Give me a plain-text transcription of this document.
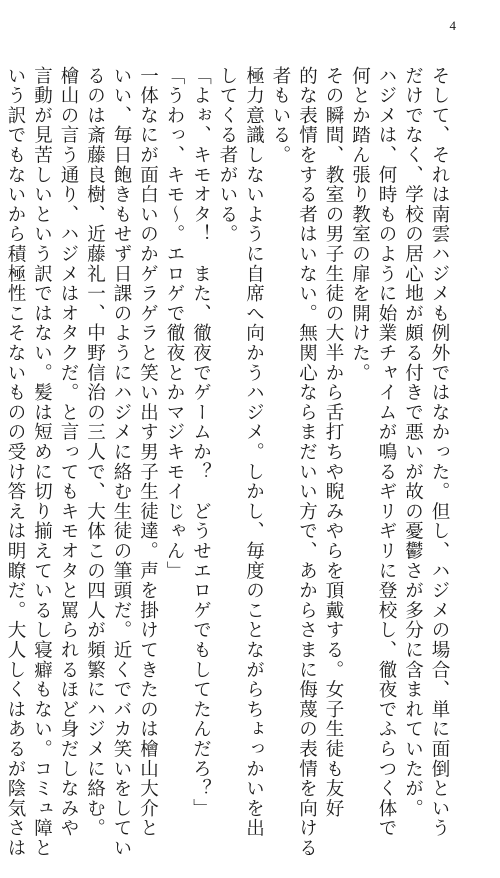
4

そして、それは南雲ハジメも例外ではなかった。但し、ハジメの場合、単に面倒という

だけでなく、学校の居心地が頗る付きで悪いが故の憂鬱さが多分に含まれていたが。

ハジメは、何時ものように始業チャイムが鳴るギリギリに登校し、徹夜でふらつく体で

何とか踏ん張り教室の扉を開けた。

その瞬間、教室の男子生徒の大半から舌打ちや睨みやらを頂戴する。女子生徒も友好

的な表情をする者はいない。無関心ならまだいい方で、あからさまに侮蔑の表情を向ける

者もいる。

極力意識しないように自席へ向かうハジメ。しかし、毎度のことながらちょっかいを出

してくる者がいる。

「よぉ、キモオタ！　また、徹夜でゲームか？　どうせエロゲでもしてたんだろ？」

「うわっ、キモ～。エロゲで徹夜とかマジキモイじゃん」

一体なにが面白いのかゲラゲラと笑い出す男子生徒達。声を掛けてきたのは檜山大介と

いい、毎日飽きもせず日課のようにハジメに絡む生徒の筆頭だ。近くでバカ笑いをしてい

るのは斎藤良樹、近藤礼一、中野信治の三人で、大体この四人が頻繁にハジメに絡む。

檜山の言う通り、ハジメはオタクだ。と言ってもキモオタと罵られるほど身だしなみや

言動が見苦しいという訳ではない。髪は短めに切り揃えているし寝癖もない。コミュ障と

いう訳でもないから積極性こそないものの受け答えは明瞭だ。大人しくはあるが陰気さは
